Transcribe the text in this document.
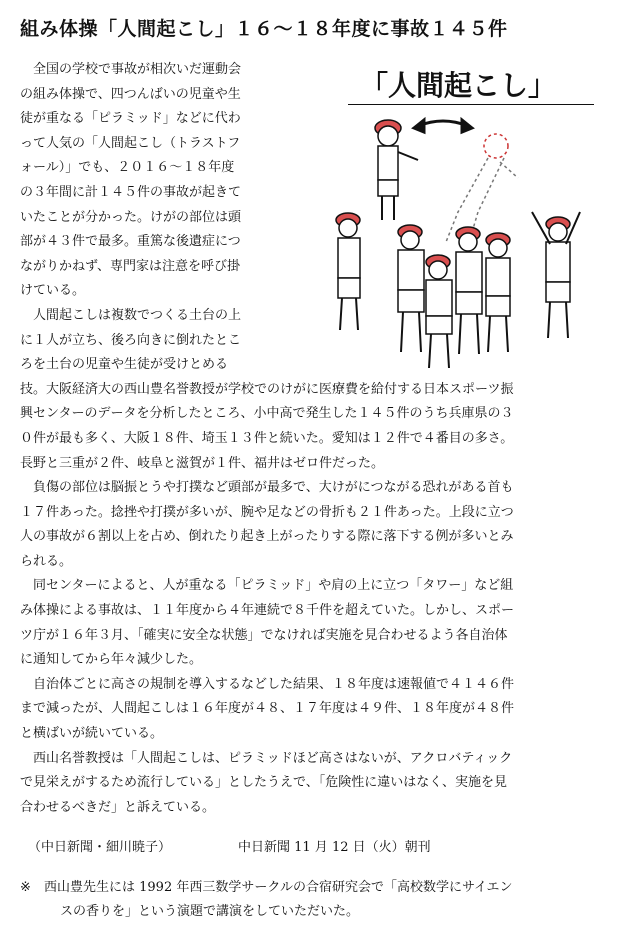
組み体操「人間起こし」１６～１８年度に事故１４５件
「人間起こし」
全国の学校で事故が相次いだ運動会
の組み体操で、四つんばいの児童や生
徒が重なる「ピラミッド」などに代わ
って人気の「人間起こし（トラストフ
ォール）」でも、２０１６～１８年度
の３年間に計１４５件の事故が起きて
いたことが分かった。けがの部位は頭
部が４３件で最多。重篤な後遺症につ
ながりかねず、専門家は注意を呼び掛
けている。
人間起こしは複数でつくる土台の上
に１人が立ち、後ろ向きに倒れたとこ
ろを土台の児童や生徒が受けとめる
技。大阪経済大の西山豊名誉教授が学校でのけがに医療費を給付する日本スポーツ振
興センターのデータを分析したところ、小中高で発生した１４５件のうち兵庫県の３
０件が最も多く、大阪１８件、埼玉１３件と続いた。愛知は１２件で４番目の多さ。
長野と三重が２件、岐阜と滋賀が１件、福井はゼロ件だった。
負傷の部位は脳振とうや打撲など頭部が最多で、大けがにつながる恐れがある首も
１７件あった。捻挫や打撲が多いが、腕や足などの骨折も２１件あった。上段に立つ
人の事故が６割以上を占め、倒れたり起き上がったりする際に落下する例が多いとみ
られる。
同センターによると、人が重なる「ピラミッド」や肩の上に立つ「タワー」など組
み体操による事故は、１１年度から４年連続で８千件を超えていた。しかし、スポー
ツ庁が１６年３月、「確実に安全な状態」でなければ実施を見合わせるよう各自治体
に通知してから年々減少した。
自治体ごとに高さの規制を導入するなどした結果、１８年度は速報値で４１４６件
まで減ったが、人間起こしは１６年度が４８、１７年度は４９件、１８年度が４８件
と横ばいが続いている。
西山名誉教授は「人間起こしは、ピラミッドほど高さはないが、アクロバティック
で見栄えがするため流行している」としたうえで、「危険性に違いはなく、実施を見
合わせるべきだ」と訴えている。
（中日新聞・細川暁子）	中日新聞 11 月 12 日（火）朝刊
※	西山豊先生には 1992 年西三数学サークルの合宿研究会で「高校数学にサイエン
スの香りを」という演題で講演をしていただいた。
